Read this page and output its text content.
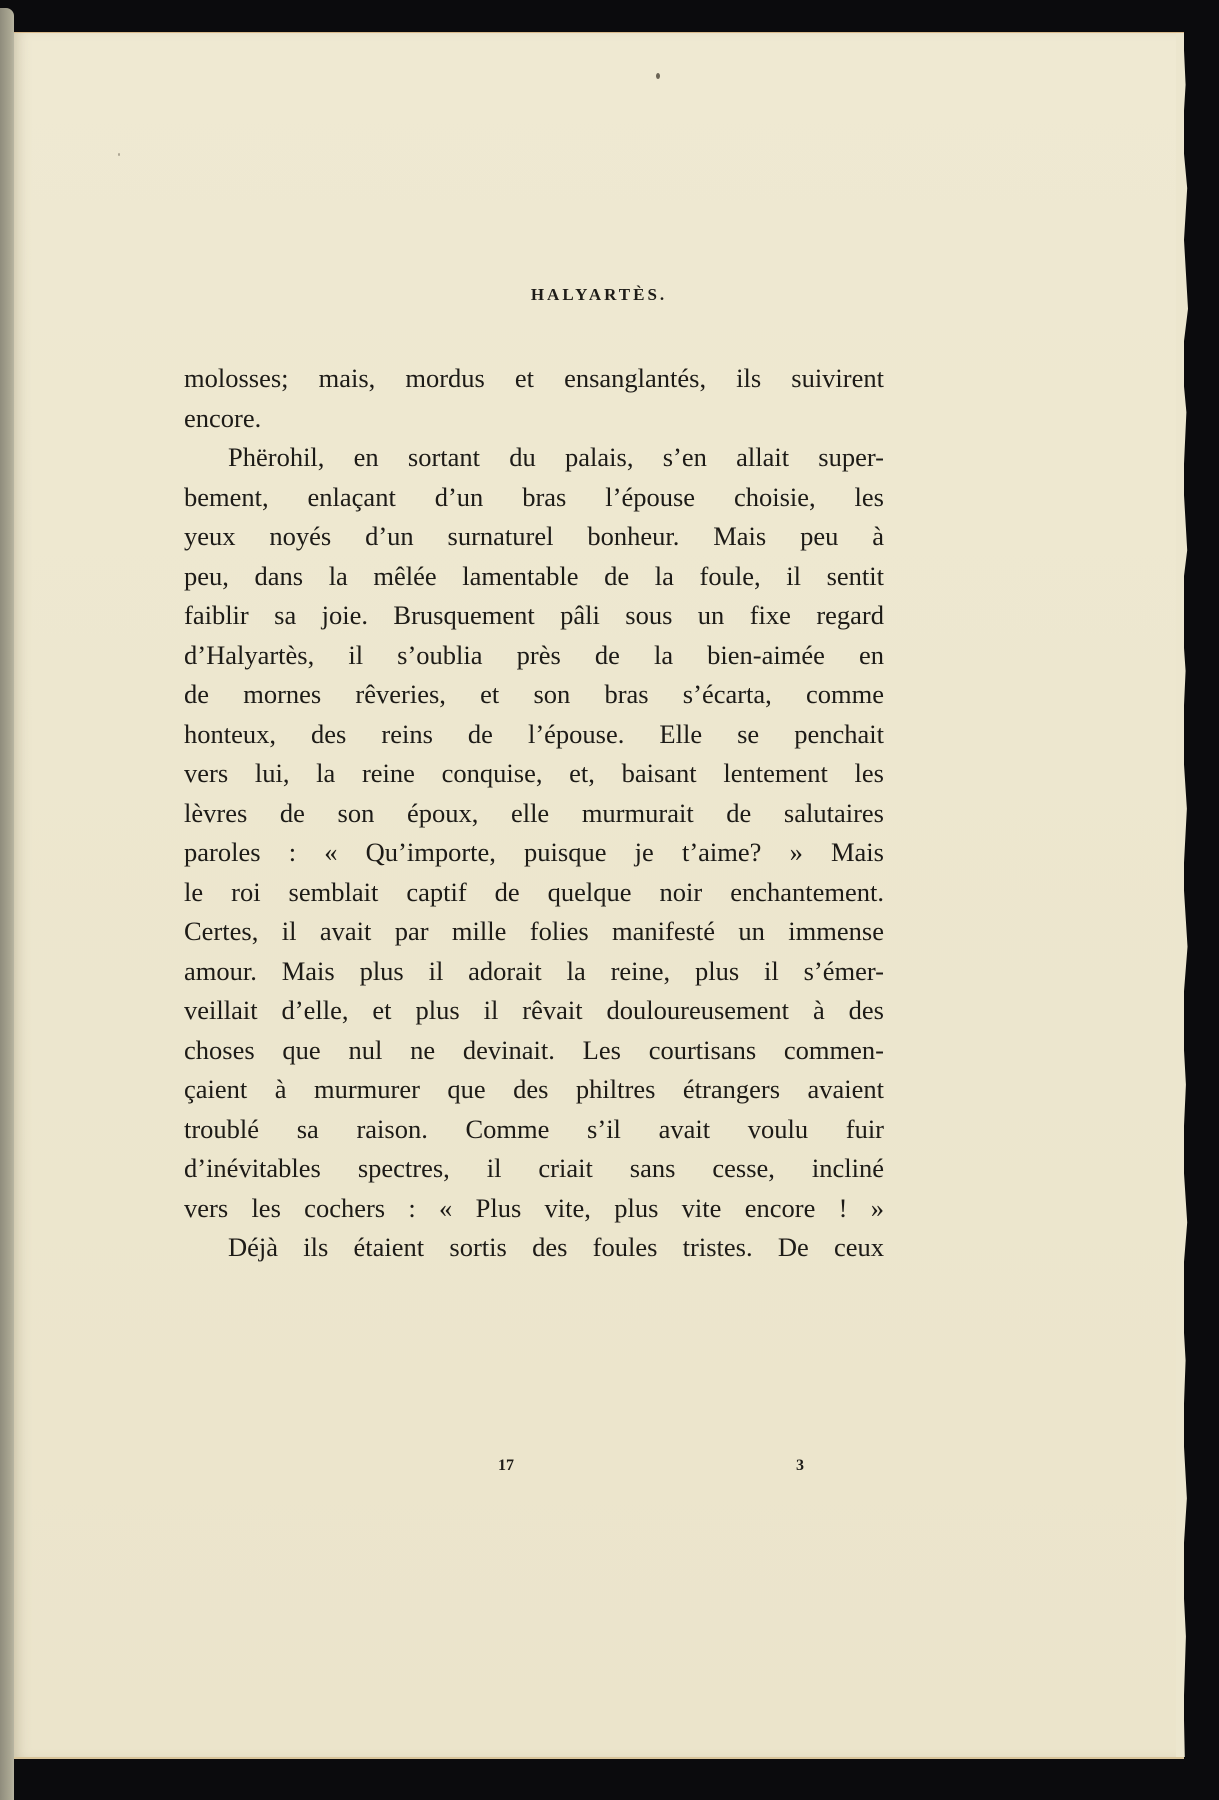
HALYARTÈS.
molosses; mais, mordus et ensanglantés, ils suivirent
encore.
Phërohil, en sortant du palais, s’en allait super-
bement, enlaçant d’un bras l’épouse choisie, les
yeux noyés d’un surnaturel bonheur. Mais peu à
peu, dans la mêlée lamentable de la foule, il sentit
faiblir sa joie. Brusquement pâli sous un fixe regard
d’Halyartès, il s’oublia près de la bien-aimée en
de mornes rêveries, et son bras s’écarta, comme
honteux, des reins de l’épouse. Elle se penchait
vers lui, la reine conquise, et, baisant lentement les
lèvres de son époux, elle murmurait de salutaires
paroles : « Qu’importe, puisque je t’aime? » Mais
le roi semblait captif de quelque noir enchantement.
Certes, il avait par mille folies manifesté un immense
amour. Mais plus il adorait la reine, plus il s’émer-
veillait d’elle, et plus il rêvait douloureusement à des
choses que nul ne devinait. Les courtisans commen-
çaient à murmurer que des philtres étrangers avaient
troublé sa raison. Comme s’il avait voulu fuir
d’inévitables spectres, il criait sans cesse, incliné
vers les cochers : « Plus vite, plus vite encore ! »
Déjà ils étaient sortis des foules tristes. De ceux
17	3
